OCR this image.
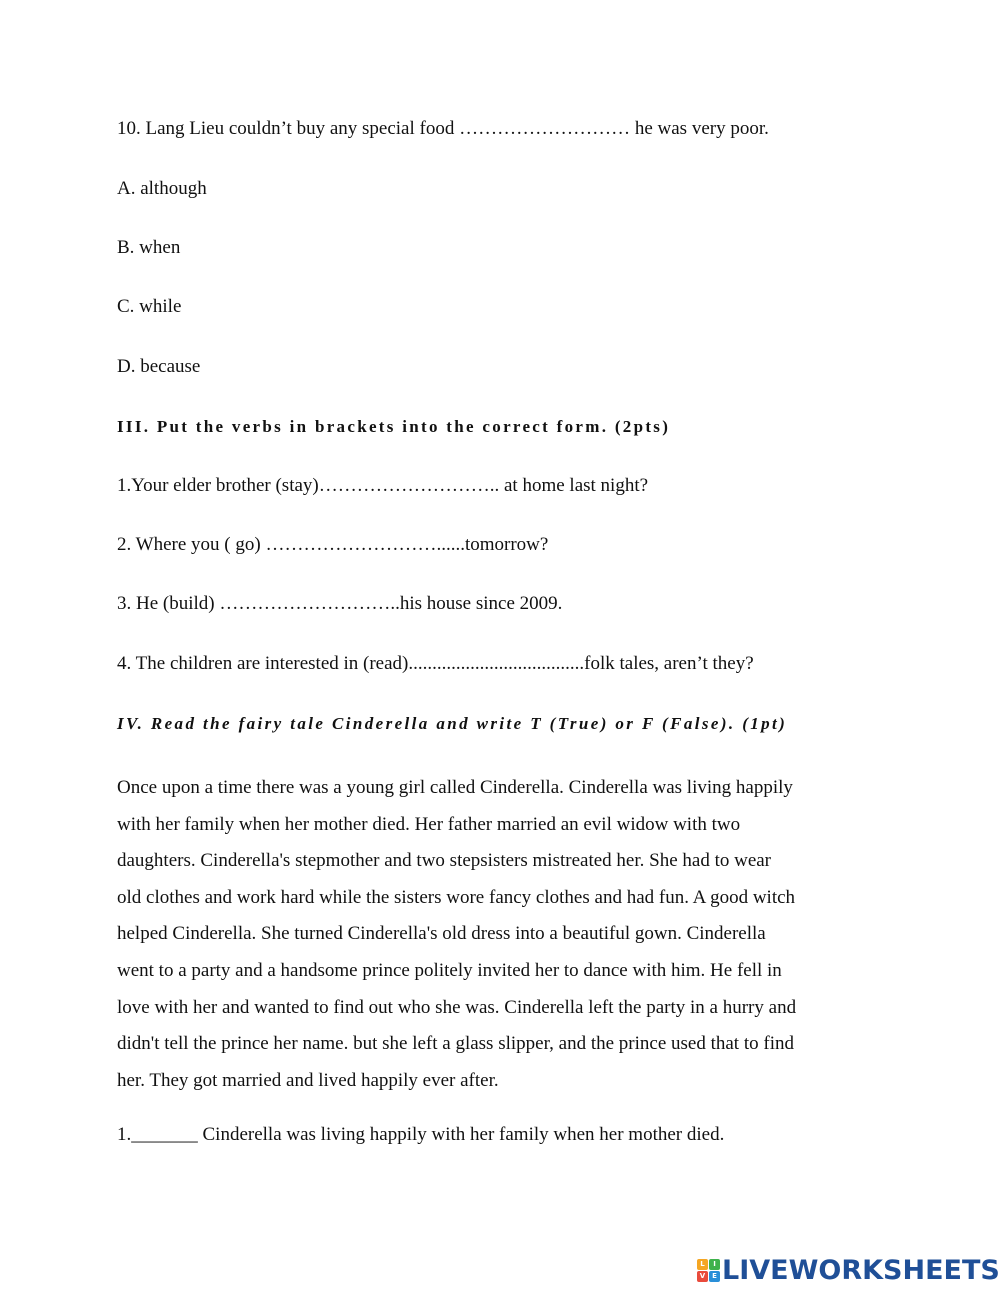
10. Lang Lieu couldn’t buy any special food ……………………… he was very poor.
A. although
B. when
C. while
D. because
III. Put the verbs in brackets into the correct form. (2pts)
1.Your elder brother (stay)……………………….. at home last night?
2. Where you ( go) ………………………......tomorrow?
3. He (build) ………………………..his house since 2009.
4. The children are interested in (read).....................................folk tales, aren’t they?
IV. Read the fairy tale Cinderella and write T (True) or F (False). (1pt)
Once upon a time there was a young girl called Cinderella. Cinderella was living happily
with her family when her mother died. Her father married an evil widow with two
daughters. Cinderella's stepmother and two stepsisters mistreated her. She had to wear
old clothes and work hard while the sisters wore fancy clothes and had fun. A good witch
helped Cinderella. She turned Cinderella's old dress into a beautiful gown. Cinderella
went to a party and a handsome prince politely invited her to dance with him. He fell in
love with her and wanted to find out who she was. Cinderella left the party in a hurry and
didn't tell the prince her name. but she left a glass slipper, and the prince used that to find
her. They got married and lived happily ever after.
1._______ Cinderella was living happily with her family when her mother died.
L	I
V E LIVEWORKSHEETS
